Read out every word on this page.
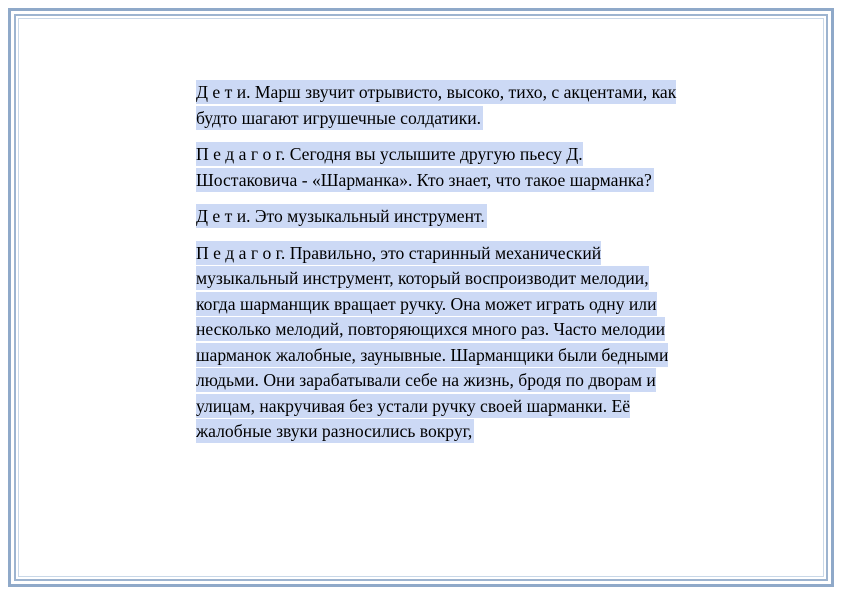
Д е т и. Марш звучит отрывисто, высоко, тихо, с акцентами, как будто шагают игрушечные солдатики.

П е д а г о г. Сегодня вы услышите другую пьесу Д. Шостаковича - «Шарманка». Кто знает, что такое шарманка?

Д е т и. Это музыкальный инструмент.

П е д а г о г. Правильно, это старинный механический музыкальный инструмент, который воспроизводит мелодии, когда шарманщик вращает ручку. Она может играть одну или несколько мелодий, повторяющихся много раз. Часто мелодии шарманок жалобные, заунывные. Шарманщики были бедными людьми. Они зарабатывали себе на жизнь, бродя по дворам и улицам, накручивая без устали ручку своей шарманки. Её жалобные звуки разносились вокруг,
